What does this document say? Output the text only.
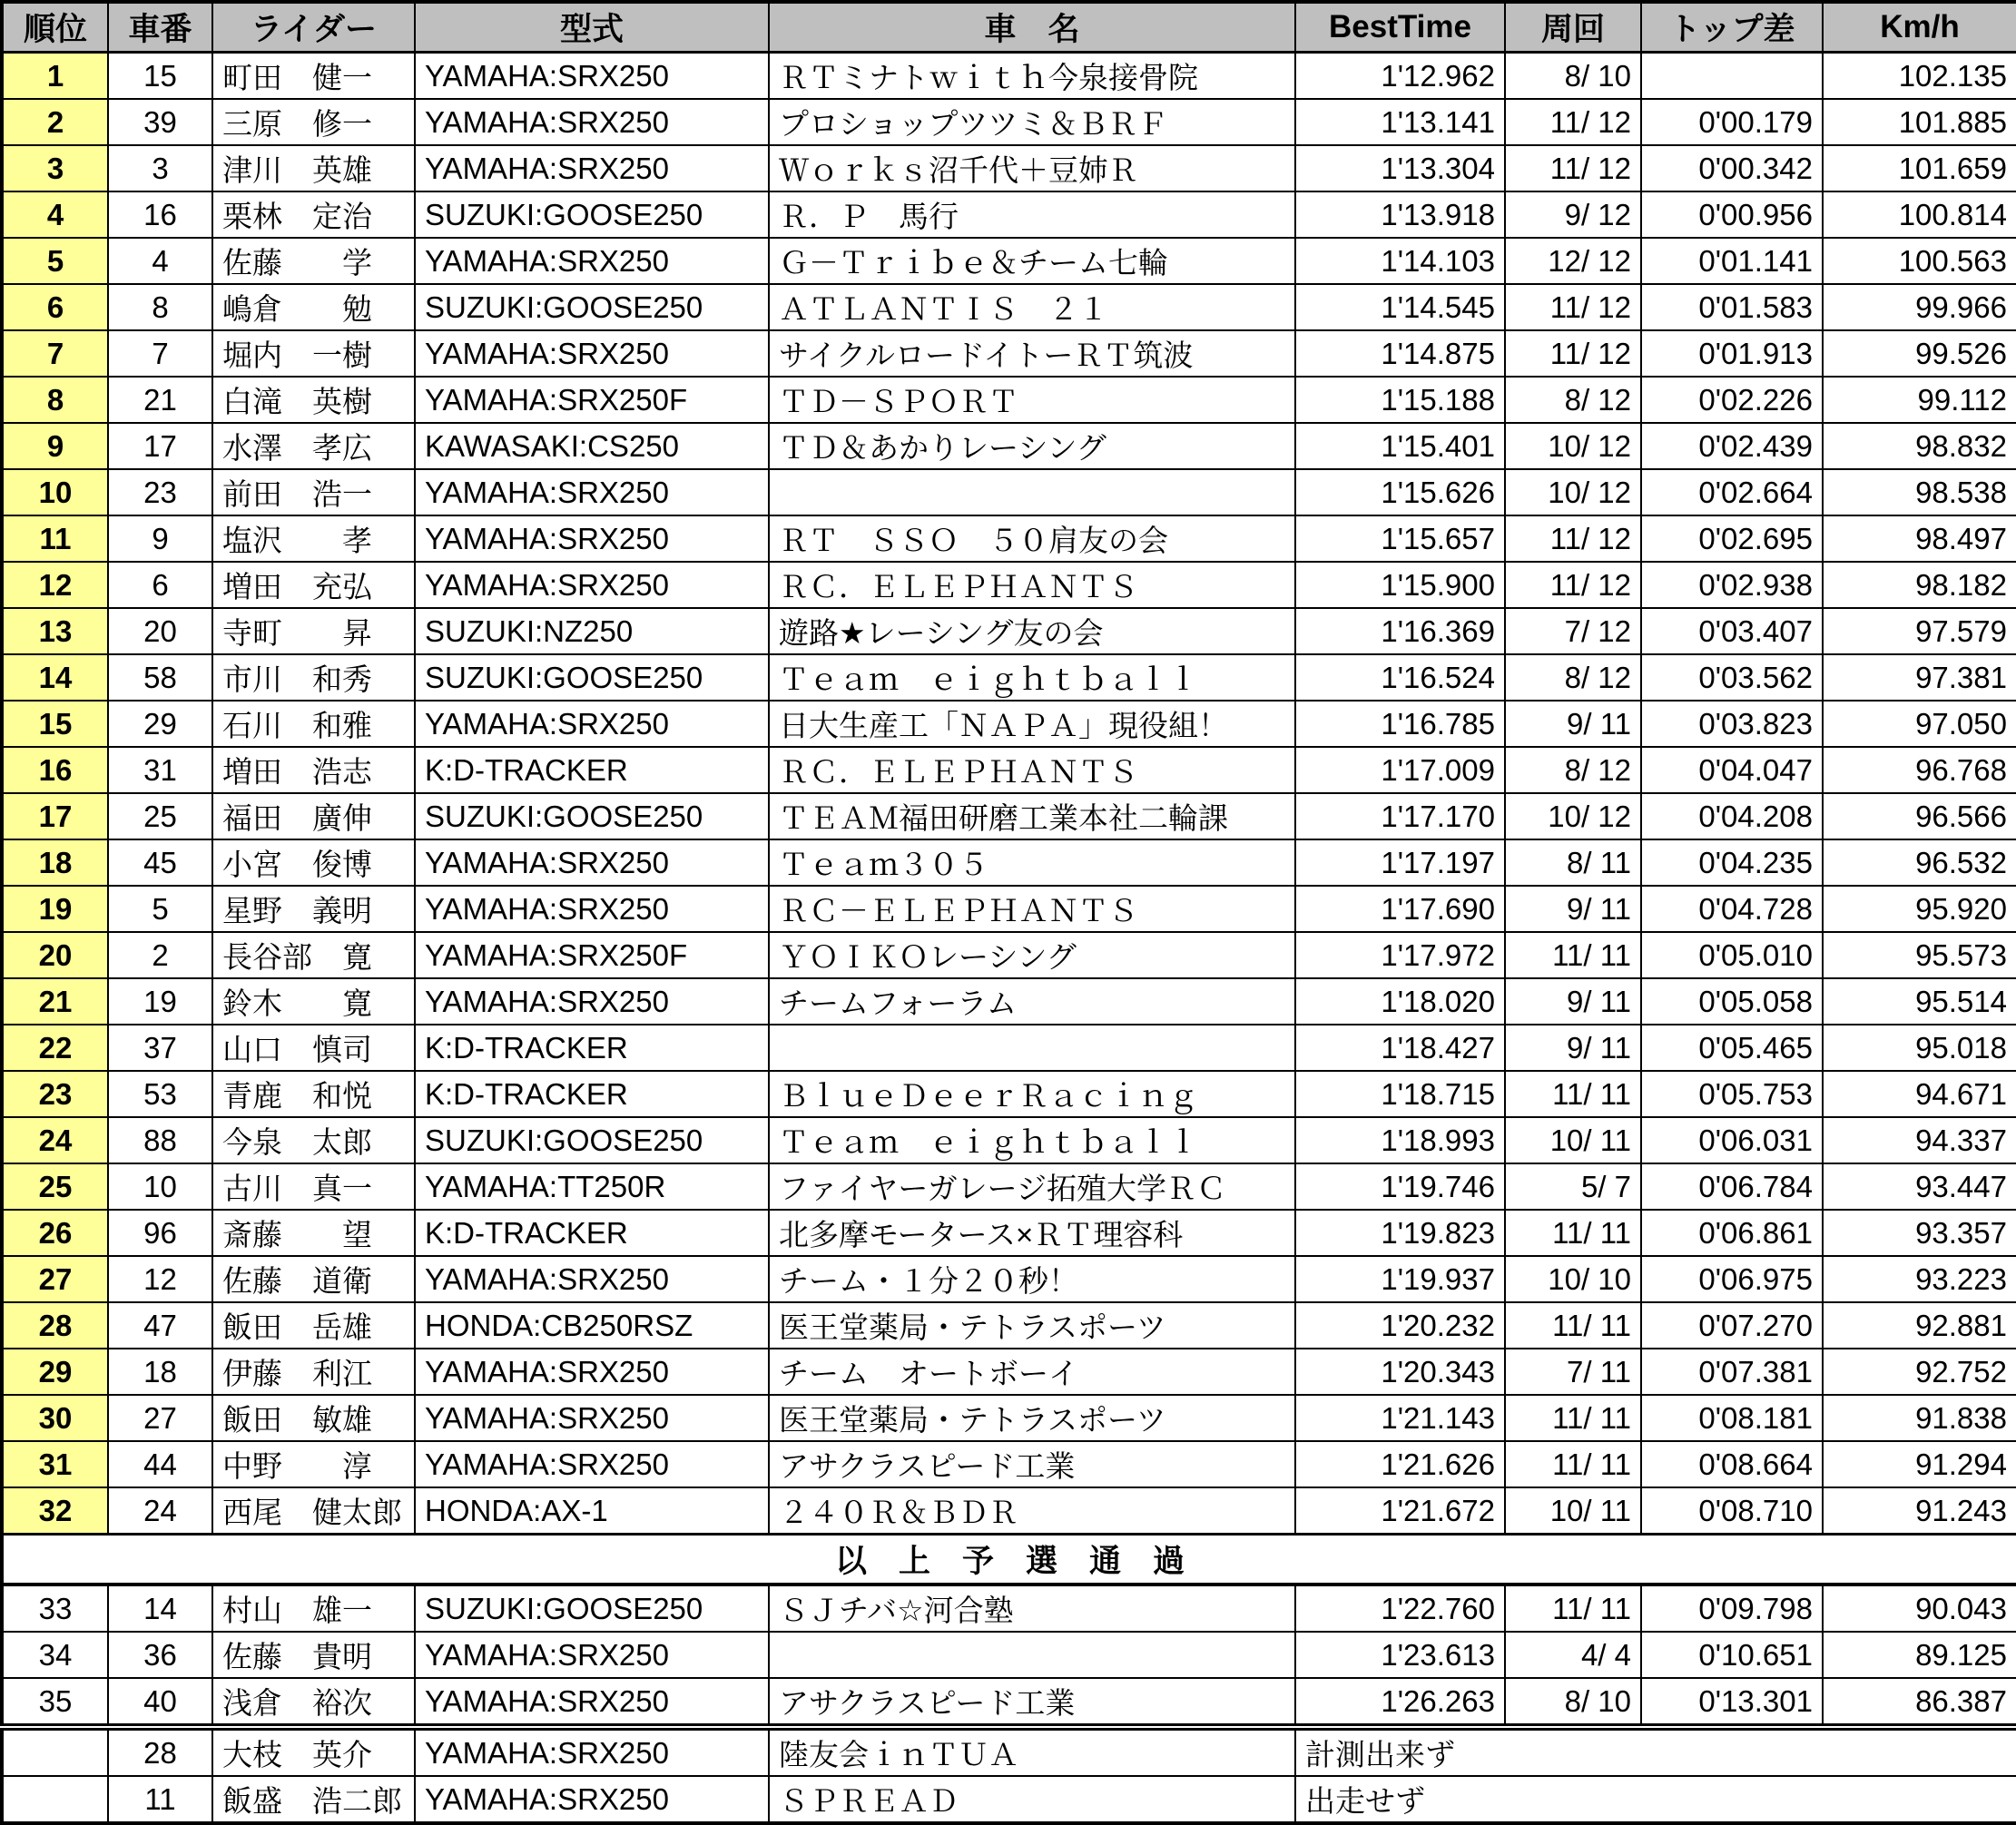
順位	車番	ライダー	型式	車　名	BestTime	周回	トップ差	Km/h
1	15	町田　健一	YAMAHA:SRX250	ＲＴミナトｗｉｔｈ今泉接骨院	1'12.962	8/ 10		102.135
2	39	三原　修一	YAMAHA:SRX250	プロショップツツミ＆ＢＲＦ	1'13.141	11/ 12	0'00.179	101.885
3	3	津川　英雄	YAMAHA:SRX250	Ｗｏｒｋｓ沼千代＋豆姉Ｒ	1'13.304	11/ 12	0'00.342	101.659
4	16	栗林　定治	SUZUKI:GOOSE250	Ｒ．Ｐ　馬行	1'13.918	9/ 12	0'00.956	100.814
5	4	佐藤　　学	YAMAHA:SRX250	Ｇ－Ｔｒｉｂｅ＆チーム七輪	1'14.103	12/ 12	0'01.141	100.563
6	8	嶋倉　　勉	SUZUKI:GOOSE250	ＡＴＬＡＮＴＩＳ　２１	1'14.545	11/ 12	0'01.583	99.966
7	7	堀内　一樹	YAMAHA:SRX250	サイクルロードイトーＲＴ筑波	1'14.875	11/ 12	0'01.913	99.526
8	21	白滝　英樹	YAMAHA:SRX250F	ＴＤ－ＳＰＯＲＴ	1'15.188	8/ 12	0'02.226	99.112
9	17	水澤　孝広	KAWASAKI:CS250	ＴＤ＆あかりレーシング	1'15.401	10/ 12	0'02.439	98.832
10	23	前田　浩一	YAMAHA:SRX250		1'15.626	10/ 12	0'02.664	98.538
11	9	塩沢　　孝	YAMAHA:SRX250	ＲＴ　ＳＳＯ　５０肩友の会	1'15.657	11/ 12	0'02.695	98.497
12	6	増田　充弘	YAMAHA:SRX250	ＲＣ．ＥＬＥＰＨＡＮＴＳ	1'15.900	11/ 12	0'02.938	98.182
13	20	寺町　　昇	SUZUKI:NZ250	遊路★レーシング友の会	1'16.369	7/ 12	0'03.407	97.579
14	58	市川　和秀	SUZUKI:GOOSE250	Ｔｅａｍ　ｅｉｇｈｔｂａｌｌ	1'16.524	8/ 12	0'03.562	97.381
15	29	石川　和雅	YAMAHA:SRX250	日大生産工「ＮＡＰＡ」現役組！	1'16.785	9/ 11	0'03.823	97.050
16	31	増田　浩志	K:D-TRACKER	ＲＣ．ＥＬＥＰＨＡＮＴＳ	1'17.009	8/ 12	0'04.047	96.768
17	25	福田　廣伸	SUZUKI:GOOSE250	ＴＥＡＭ福田研磨工業本社二輪課	1'17.170	10/ 12	0'04.208	96.566
18	45	小宮　俊博	YAMAHA:SRX250	Ｔｅａｍ３０５	1'17.197	8/ 11	0'04.235	96.532
19	5	星野　義明	YAMAHA:SRX250	ＲＣ－ＥＬＥＰＨＡＮＴＳ	1'17.690	9/ 11	0'04.728	95.920
20	2	長谷部　寛	YAMAHA:SRX250F	ＹＯＩＫＯレーシング	1'17.972	11/ 11	0'05.010	95.573
21	19	鈴木　　寛	YAMAHA:SRX250	チームフォーラム	1'18.020	9/ 11	0'05.058	95.514
22	37	山口　慎司	K:D-TRACKER		1'18.427	9/ 11	0'05.465	95.018
23	53	青鹿　和悦	K:D-TRACKER	ＢｌｕｅＤｅｅｒＲａｃｉｎｇ	1'18.715	11/ 11	0'05.753	94.671
24	88	今泉　太郎	SUZUKI:GOOSE250	Ｔｅａｍ　ｅｉｇｈｔｂａｌｌ	1'18.993	10/ 11	0'06.031	94.337
25	10	古川　真一	YAMAHA:TT250R	ファイヤーガレージ拓殖大学ＲＣ	1'19.746	5/ 7	0'06.784	93.447
26	96	斎藤　　望	K:D-TRACKER	北多摩モータース×ＲＴ理容科	1'19.823	11/ 11	0'06.861	93.357
27	12	佐藤　道衛	YAMAHA:SRX250	チーム・１分２０秒！	1'19.937	10/ 10	0'06.975	93.223
28	47	飯田　岳雄	HONDA:CB250RSZ	医王堂薬局・テトラスポーツ	1'20.232	11/ 11	0'07.270	92.881
29	18	伊藤　利江	YAMAHA:SRX250	チーム　オートボーイ	1'20.343	7/ 11	0'07.381	92.752
30	27	飯田　敏雄	YAMAHA:SRX250	医王堂薬局・テトラスポーツ	1'21.143	11/ 11	0'08.181	91.838
31	44	中野　　淳	YAMAHA:SRX250	アサクラスピード工業	1'21.626	11/ 11	0'08.664	91.294
32	24	西尾　健太郎	HONDA:AX-1	２４０Ｒ＆ＢＤＲ	1'21.672	10/ 11	0'08.710	91.243
以　上　予　選　通　過								
33	14	村山　雄一	SUZUKI:GOOSE250	ＳＪチバ☆河合塾	1'22.760	11/ 11	0'09.798	90.043
34	36	佐藤　貴明	YAMAHA:SRX250		1'23.613	4/ 4	0'10.651	89.125
35	40	浅倉　裕次	YAMAHA:SRX250	アサクラスピード工業	1'26.263	8/ 10	0'13.301	86.387
	28	大枝　英介	YAMAHA:SRX250	陸友会ｉｎＴＵＡ	計測出来ず			
	11	飯盛　浩二郎	YAMAHA:SRX250	ＳＰＲＥＡＤ	出走せず			
